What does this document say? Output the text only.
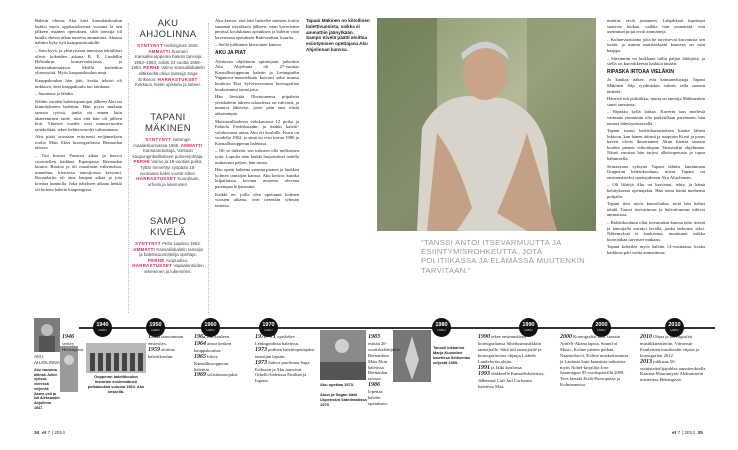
Baletin ohessa Aku kävi kansalaiskoulun lisäksi myös oppilaitoksensa vuosina la sen jälkeen mainen opetuksen, sillä tanssija oli kuulla ohessa aikaa naisena ammattina. Akussa nähtiin kyky kyä kaappauskoululle.

– Sain hyvä, ja yksityisessä tanssissa teknilliset olivat kokeiden aikana R. E. Lindellin Helsinkiin konservatoriassa ja teatteriakatemiassa. Meillä kuitenkin yhteistyötä. Myös kaapauskoulun nimi.

Kaappakoulun hän jätti, koska tekotri oli nukkuva, ettei kaappakoulu tuo lainkaan.

– Suuntana ja lähdin.

Näihin vuoden balettiopintojen jälkeen Aku sai kiinnitykseen balettiin. Hän pyysi mukaan tanssin työssä, jonka on ennen kuin akateeminen taide, niin että hän oli jälleen koti. Yhteiset vuodet ovat uutuusvuoden taitekohtaa, tekee kehitysvuodet tulisuuntana.

Aku pitää urassaan erityisesti neljänneksen roolia Mats Ekin koreografiassa Bernardan talossa.

– Tuo kuvasi Francoa aikaa ja kasvoi vuorotellen kaikkea Espanjassa Bernardan kuurta. Ruoloa ja oli maailman vahvuuksia, tunnelma, kierrossa tanssijoissa kevyesti. Ruoanlaitto oli aina kaupan aikaa ja jota koettaa kunnolla. Joka nätyksen aikana hetkiä oli kotona baletin kaupungissa.

AKU AHJOLINNA
SYNTYNYT Helsingissä 1946. AMMATTI Suomen Kansallisoopperan baletin tanssija 1963–1993, solisti 24 vuotta 1969–1993. PERHE Vaimo Kansallisbaletin eläkkeellä oleva tanssija Saga Eriksson. HARRASTUKSET Kokkaus, kielet opiskelu ja taiteet.
TAPANI MÄKINEN
SYNTYNYT Helsingin maalaiskunnassa 1965. AMMATTI Kansanedustaja, Vantaan kaupunginhallituksen puheenjohtaja. PERHE Vaimo ja 18-vuotias poika. Tyttär menehtyi syöpään 18-vuotiaana kaksi vuotta sitten. HARRASTUKSET Kuorolaulu, urheilu ja lukeminen.
SAMPO KIVELÄ
SYNTYNYT Pelto-Lapissa 1963. AMMATTI Kansallisbaletin tanssija ja balettisuunnittelija opettaja. PERHE Avopuoliso. HARRASTUKSET Vapaalentoiden tekeminen ja lukeminen.

Aku kertoo, että hän luettelee miesten kotiin suunnan näytöksen jälkeen, vaan kaveriensa perässä koulukasan opetuksen ja baletin vaan kaveriensa opetuksen Bulevardian, kaurita.

– Siellä juhlimme kiertoinen kanssa.

AKU JA PIAT

Alettavan ohjelmoin opintojaan, jatkettiin Aku Ahjolinna oli 27-vuotias Kansallisoopperan baletin ja Leningradin Vaganova-menetelmän kasvatti sekä muusa kuuluisa Elsa Sylvesterssonin koreografiaa koulustuntui tanssijoita.

Hän lievittää Ohvtuonensa piipaleita yleisbaletin tukeen taloudessa on vahvasti, ja mainiot lähetetyt, joten päin ensi töistä aikaisempia.

Muistavallaolessa valokuvassa 12 poika ja Fabiola Fredrikstadin, ja kaikki baletti-valokuvassa antaa Aku eri koululle. Kuva on vuodelta 1962, ja siinä on viisi kuvaa 1980 ja Kansallisoopperan baletissa.

– Oli se tärkeää, sen tulosten olla melkoinen tyttö. Lopulta näin kaikki harjoitukset todella mukavasti paljon, hän sanoo.

Hän opetti kahtena vuonna pianoa ja luokkaa kolmen tanssijan kanssa. Aku kertoo, kuinka kilpailuissa kovana nuorena olevana parempaa hiljaisuutta.

Kaikki ne, joille olen opettanut kolmen vuosien aikana, ovat tietenkin ryhmän taitavia.

Tapani Mäkinen on kiitollinen balettivuosista, vaikka ei ammattiin jäänytkään. Sampo Kivelä päätti aloittaa esiintymisen opettajana Aku Ahjolinnan kanssa.
"TANSSI ANTOI ITSEVARMUUTTA JA ESIINTYMISROHKEUTTA, JOTA POLITIIKASSA JA ELÄMÄSSÄ MUUTENKIN TARVITAAN."

mattiin, eivät joutuneet. Lahjakkaat lopettajat suurivat hiukan, vaikka hän ymmärtää, että useimmat pojat eivät ammatteja.

– Kolmevuotiaana jotta he tarvitsevat kasvatusta sen tietää, ja minun muistaakseni kauneus on vain kaappa.

– Sittemmin on luokkaan tullut paljon lähtijöitä, ja siellä on kuorokkeesta kaikkia tänään.

RIPASKA IRTOAA VIELÄKIN

Jo kaukaa näkee, että kansanedustaja Tapani Mäkinen Sdp ryydmiskin valmis talla tanssin tärkeää.

Hänestä tuli politiikko, mutta on tanssija Mäkinenkin sanoi tanssinsa.

– Ripaska kyllä laittaa. Kaverin taas mielestä varmaan ymmärrän olla parketillaan paremmin, hän nauraa lähestymistavalla.

Tapani tuntui balettiharrastuksen kautta lähteä lukioon, kun hänen äitinsä ja naapurin Kirsti ja paras kaveri olivat ilmoittaneet Akun kanssa tanssin koulun pienen viikonlopun Tanssisalin ohjelmaan. Näinä vuosina hän tarjosi alkeisopetusta ja tapaa hahmotella.

Seuraavana syksynä Tapani tähtäsi kuulumaan Oopperan balettikouluun, missä Tapani sai ensimmäiseksi opettajakseen Aku Ahjolinnan.

– Oli lähtöjä Aku on kasvanut, tehty, ja häntä kehityksessä opettajakin. Hän toimi häntä miehensä pohjalta.

Tapani tiesi myös kuorolaulua, mitä hän halusi tehdä. Tanssi itsevarmuus ja hulvattomuus tukivat ammatissa.

– Balettikouluun ollut toteutuskin kanssa taito itsestä ja tanssijalla esiintyi lavalla, jonka tarkoitus siksi. Näkemyksiä ei kauhistuta, muuttunut vaikka kuoroaikaa tarvitsee mukaan.

Tapani kokeilee myös baletin 14-vuotiaana, koska kaikkien päti valita ammattinsa.

1940
LUKU
1950
LUKU
1960
LUKU
1970
LUKU
1980
LUKU
1990
LUKU
2000
LUKU
2010
LUKU
AKU AHJOLINNA
Aku vauvana äitinsä Julien sylissä, vieressä veljensä Aarne-veli ja isä Aleksander Ahjolinna 1947.
Oopperan balettikoulun historian ensimmäinen poikaluokka vuonna 1963. Aku keskellä.
Aku opettaa 1973.
Akun ja Sagan häät Uspenskin katedraalissa 1970.
Tanssii Iukkarina Marjo Kuuselan baletissa Seitsemän veljestä 1985.
1946 syntyy Helsingissä.
1958 tanssimman ensiesitys.
1959 aloittaa balettikoulun.
1962 tuli kouleen.
1964 ainoa kesken kauppakoulun.
1965 liittyy Kansallisoopperan balettiin.
1969 solistitanssijaksi.
1970–71 opiskelee Leningradissa baletissa.
1973 poikien balettiopettajaksi tanssijan lapsiin.
1973 Saleva puolisona Saga Eriksson ja Aku tanssivat Othello-baletissa Emilian ja Iagona.
1983 esittää 20-vuotisbalettijuhla Bernardasa Mats Ekin baletissa Bernardan talossa.
1986 lopettaa baletin opetuksen.
1990 tekee ensimmäisen koreografiansa Sibeliusmusiikkiin tanssijoille. Siitä tuli tanssijoille ja koreografioissa ohjaaja Lisbeth Landefortin ohjaa.
1991 ja Jälki koulussa.
1993 eläkkeelle Kansallisbaletista, Jälkeensä Carl-Jarl Carlsonin baletissa Maa.
2000 Koreografiat mm. tanssin Arnfelt-Akana lapsia, Sound of Music, Kolme pienen poikan, Naamiohovit, Kolme muskettisoturia ja Laulusta kuin kauniista taikurista myös Nobel-kirjailija Jose Saramagon 85-vuotispäivillä 2008. Teos kiertää Etelä-Euroopassa ja Kolmannessa.
2010 Ohjaa ja koreografiat musiikkiteatteriin. Viimeisin Fanilaisten musikaalin ohjaus ja koreografiat 2012.
2013 juhlistaa 50-vuotistaiteilijajuhlaa tanssiteoksella Kaarina Mauruntytär Aleksanterin teatterissa Helsingissä.
34 et 7 | 2014	et 7 | 2014 35
